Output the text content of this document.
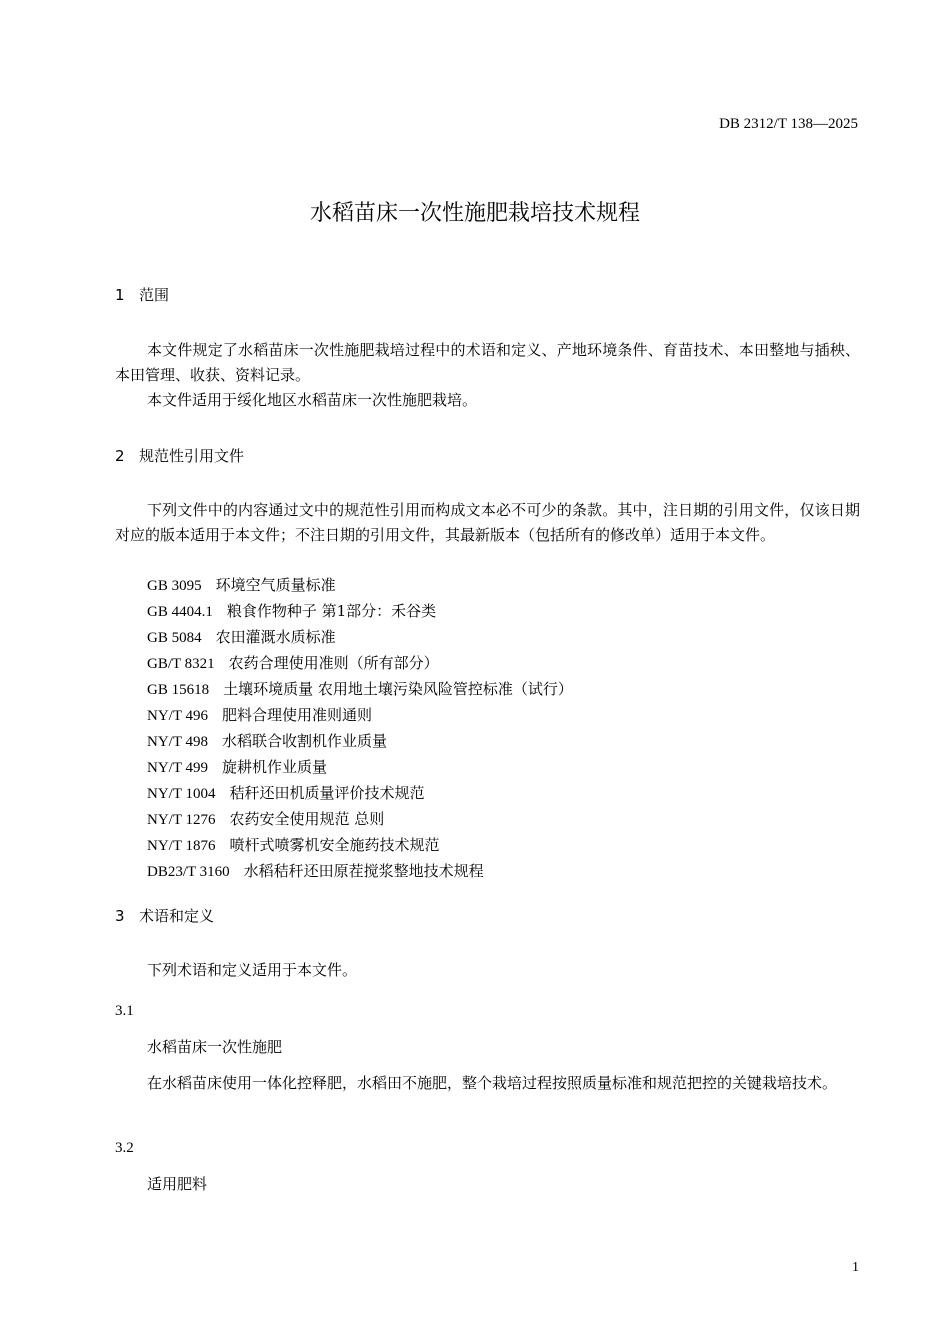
DB 2312/T 138—2025
水稻苗床一次性施肥栽培技术规程
1 范围

本文件规定了水稻苗床一次性施肥栽培过程中的术语和定义、产地环境条件、育苗技术、本田整地与插秧、本田管理、收获、资料记录。

本文件适用于绥化地区水稻苗床一次性施肥栽培。

2 规范性引用文件

下列文件中的内容通过文中的规范性引用而构成文本必不可少的条款。其中，注日期的引用文件，仅该日期对应的版本适用于本文件；不注日期的引用文件，其最新版本（包括所有的修改单）适用于本文件。

GB 3095 环境空气质量标准
GB 4404.1 粮食作物种子 第1部分：禾谷类
GB 5084 农田灌溉水质标准
GB/T 8321 农药合理使用准则（所有部分）
GB 15618 土壤环境质量 农用地土壤污染风险管控标准（试行）
NY/T 496 肥料合理使用准则通则
NY/T 498 水稻联合收割机作业质量
NY/T 499 旋耕机作业质量
NY/T 1004 秸秆还田机质量评价技术规范
NY/T 1276 农药安全使用规范 总则
NY/T 1876 喷杆式喷雾机安全施药技术规范
DB23/T 3160 水稻秸秆还田原茬搅浆整地技术规程
3 术语和定义

下列术语和定义适用于本文件。

3.1
水稻苗床一次性施肥

在水稻苗床使用一体化控释肥，水稻田不施肥，整个栽培过程按照质量标准和规范把控的关键栽培技术。

3.2
适用肥料
1
